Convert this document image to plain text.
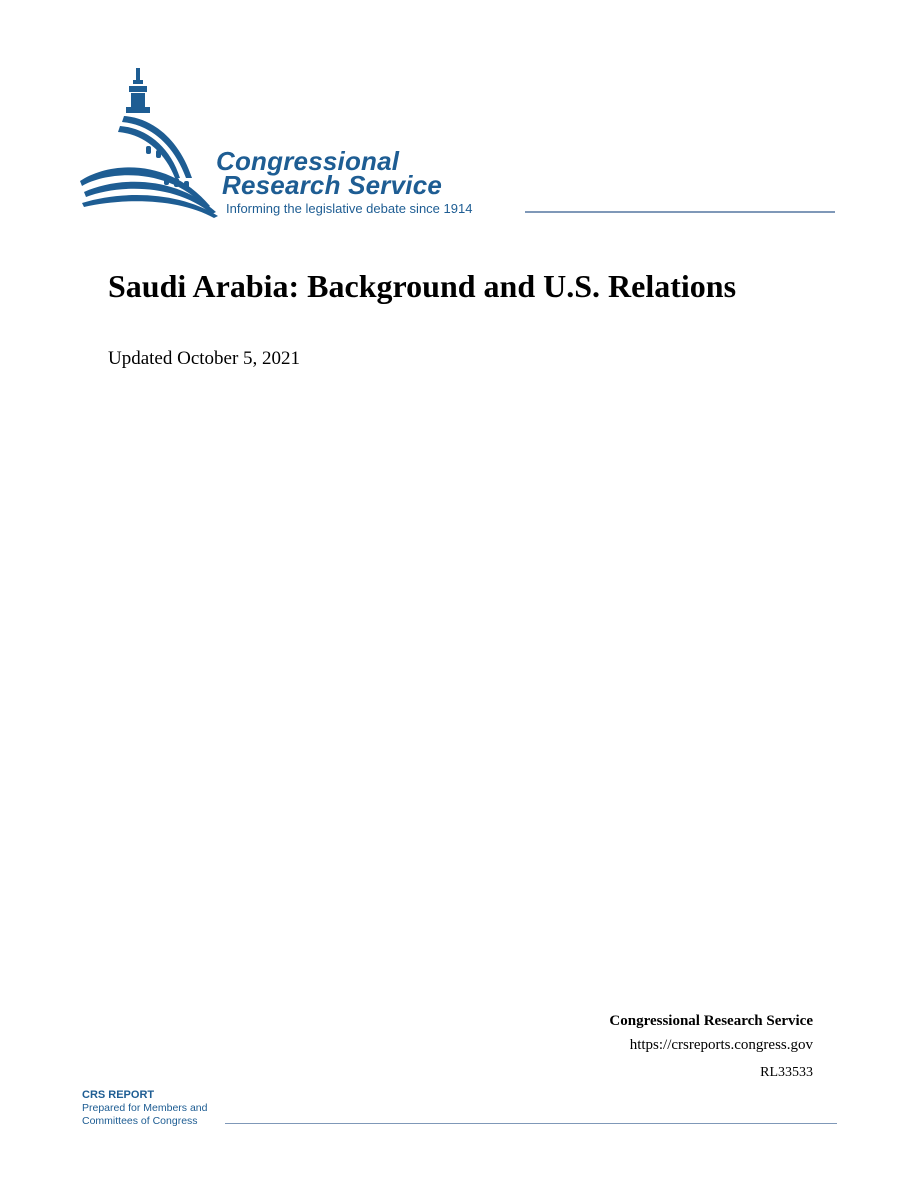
Congressional
Research Service
Informing the legislative debate since 1914
Saudi Arabia: Background and U.S. Relations
Updated October 5, 2021
Congressional Research Service
https://crsreports.congress.gov
RL33533
CRS REPORT
Prepared for Members and
Committees of Congress
